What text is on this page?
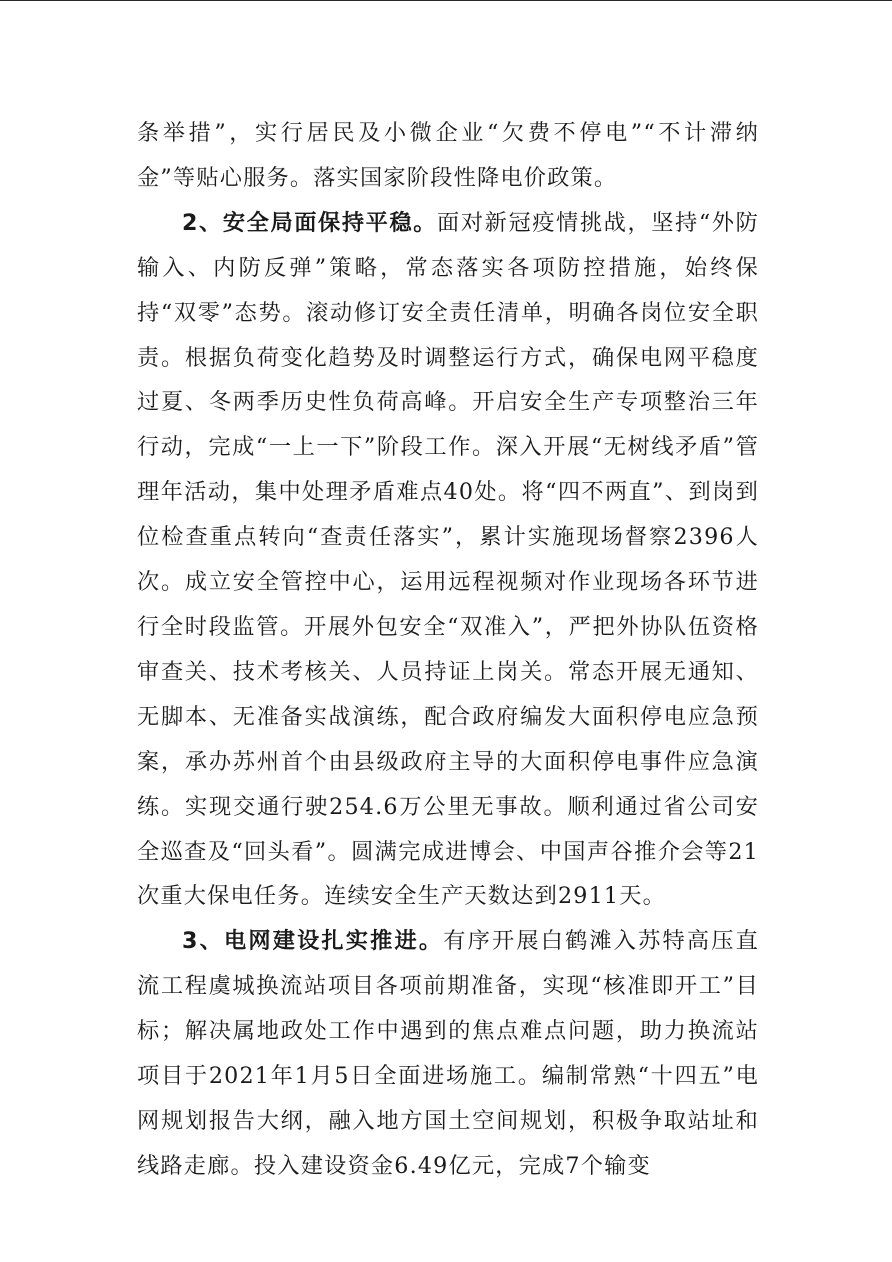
条举措”，实行居民及小微企业“欠费不停电”“不计滞纳金”等贴心服务。落实国家阶段性降电价政策。

2、安全局面保持平稳。面对新冠疫情挑战，坚持“外防输入、内防反弹”策略，常态落实各项防控措施，始终保持“双零”态势。滚动修订安全责任清单，明确各岗位安全职责。根据负荷变化趋势及时调整运行方式，确保电网平稳度过夏、冬两季历史性负荷高峰。开启安全生产专项整治三年行动，完成“一上一下”阶段工作。深入开展“无树线矛盾”管理年活动，集中处理矛盾难点40处。将“四不两直”、到岗到位检查重点转向“查责任落实”，累计实施现场督察2396人次。成立安全管控中心，运用远程视频对作业现场各环节进行全时段监管。开展外包安全“双准入”，严把外协队伍资格审查关、技术考核关、人员持证上岗关。常态开展无通知、无脚本、无准备实战演练，配合政府编发大面积停电应急预案，承办苏州首个由县级政府主导的大面积停电事件应急演练。实现交通行驶254.6万公里无事故。顺利通过省公司安全巡查及“回头看”。圆满完成进博会、中国声谷推介会等21次重大保电任务。连续安全生产天数达到2911天。

3、电网建设扎实推进。有序开展白鹤滩入苏特高压直流工程虞城换流站项目各项前期准备，实现“核准即开工”目标；解决属地政处工作中遇到的焦点难点问题，助力换流站项目于2021年1月5日全面进场施工。编制常熟“十四五”电网规划报告大纲，融入地方国土空间规划，积极争取站址和线路走廊。投入建设资金6.49亿元，完成7个输变
